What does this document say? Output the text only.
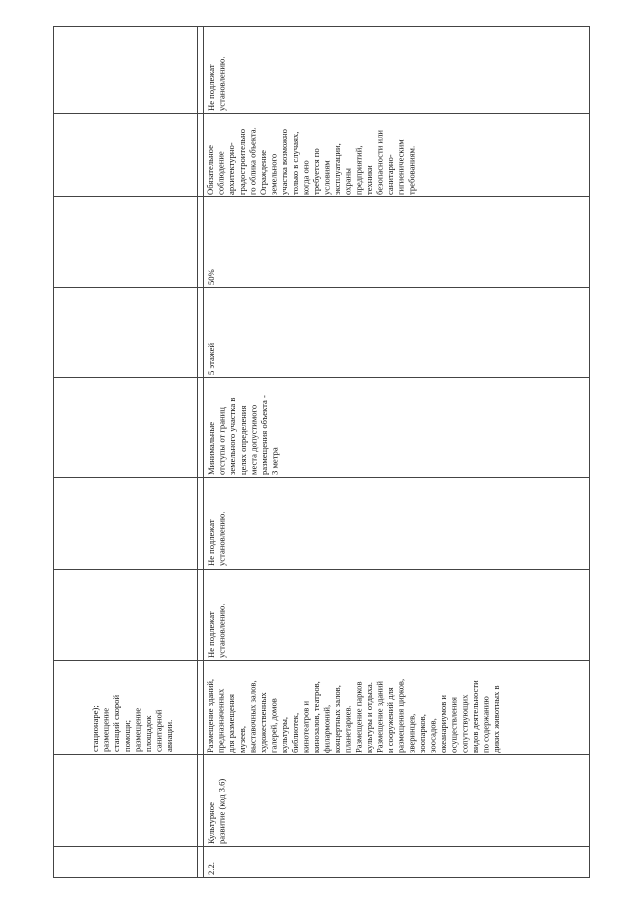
стационаре);
размещение
станций скорой
помощи;
размещение
площадок
санитарной
авиации.
2.2.
Культурное
развитие (код 3.6)
Размещение зданий,
предназначенных
для размещения
музеев,
выставочных залов,
художественных
галерей, домов
культуры,
библиотек,
кинотеатров и
кинозалов, театров,
филармоний,
концертных залов,
планетариев.
Размещение парков
культуры и отдыха.
Размещение зданий
и сооружений для
размещения цирков,
зверинцев,
зоопарков,
зоосадов,
океанариумов и
осуществления
сопутствующих
видов деятельности
по содержанию
диких животных в
Не подлежат
установлению.
Не подлежат
установлению.
Минимальные
отступы от границ
земельного участка в
целях определения
места допустимого
размещения объекта -
3 метра
5 этажей
50%
Обязательное
соблюдение
архитектурно-
градостроительно
го облика объекта.
Ограждение
земельного
участка возможно
только в случаях,
когда оно
требуется по
условиям
эксплуатации,
охраны
предприятий,
техники
безопасности или
санитарно-
гигиеническим
требованиям.
Не подлежат
установлению.
